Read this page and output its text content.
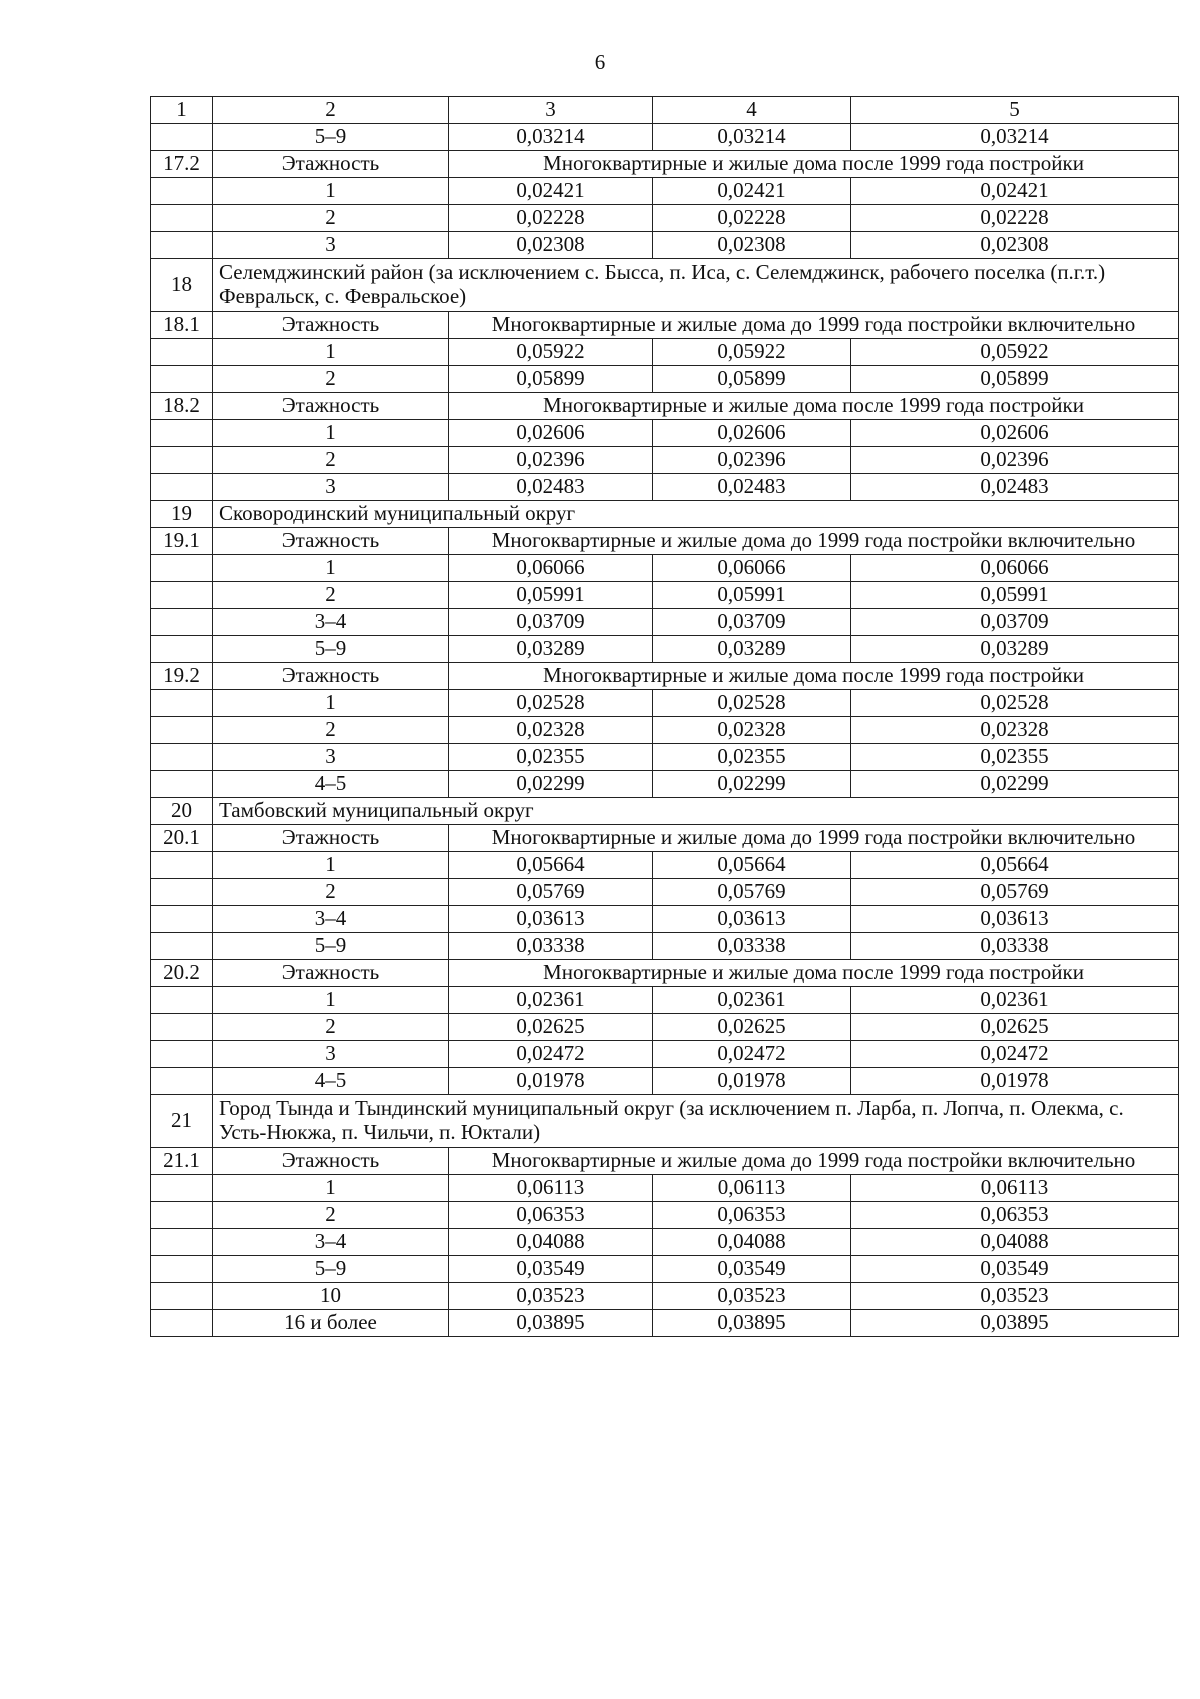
6
1	2	3	4	5
	5–9	0,03214	0,03214	0,03214
17.2	Этажность	Многоквартирные и жилые дома после 1999 года постройки		
	1	0,02421	0,02421	0,02421
	2	0,02228	0,02228	0,02228
	3	0,02308	0,02308	0,02308
18	Селемджинский район (за исключением с. Бысса, п. Иса, с. Селемджинск, рабочего поселка (п.г.т.) Февральск, с. Февральское)			
18.1	Этажность	Многоквартирные и жилые дома до 1999 года постройки включительно		
	1	0,05922	0,05922	0,05922
	2	0,05899	0,05899	0,05899
18.2	Этажность	Многоквартирные и жилые дома после 1999 года постройки		
	1	0,02606	0,02606	0,02606
	2	0,02396	0,02396	0,02396
	3	0,02483	0,02483	0,02483
19	Сковородинский муниципальный округ			
19.1	Этажность	Многоквартирные и жилые дома до 1999 года постройки включительно		
	1	0,06066	0,06066	0,06066
	2	0,05991	0,05991	0,05991
	3–4	0,03709	0,03709	0,03709
	5–9	0,03289	0,03289	0,03289
19.2	Этажность	Многоквартирные и жилые дома после 1999 года постройки		
	1	0,02528	0,02528	0,02528
	2	0,02328	0,02328	0,02328
	3	0,02355	0,02355	0,02355
	4–5	0,02299	0,02299	0,02299
20	Тамбовский муниципальный округ			
20.1	Этажность	Многоквартирные и жилые дома до 1999 года постройки включительно		
	1	0,05664	0,05664	0,05664
	2	0,05769	0,05769	0,05769
	3–4	0,03613	0,03613	0,03613
	5–9	0,03338	0,03338	0,03338
20.2	Этажность	Многоквартирные и жилые дома после 1999 года постройки		
	1	0,02361	0,02361	0,02361
	2	0,02625	0,02625	0,02625
	3	0,02472	0,02472	0,02472
	4–5	0,01978	0,01978	0,01978
21	Город Тында и Тындинский муниципальный округ (за исключением п. Ларба, п. Лопча, п. Олекма, с. Усть-Нюкжа, п. Чильчи, п. Юктали)			
21.1	Этажность	Многоквартирные и жилые дома до 1999 года постройки включительно		
	1	0,06113	0,06113	0,06113
	2	0,06353	0,06353	0,06353
	3–4	0,04088	0,04088	0,04088
	5–9	0,03549	0,03549	0,03549
	10	0,03523	0,03523	0,03523
	16 и более	0,03895	0,03895	0,03895
